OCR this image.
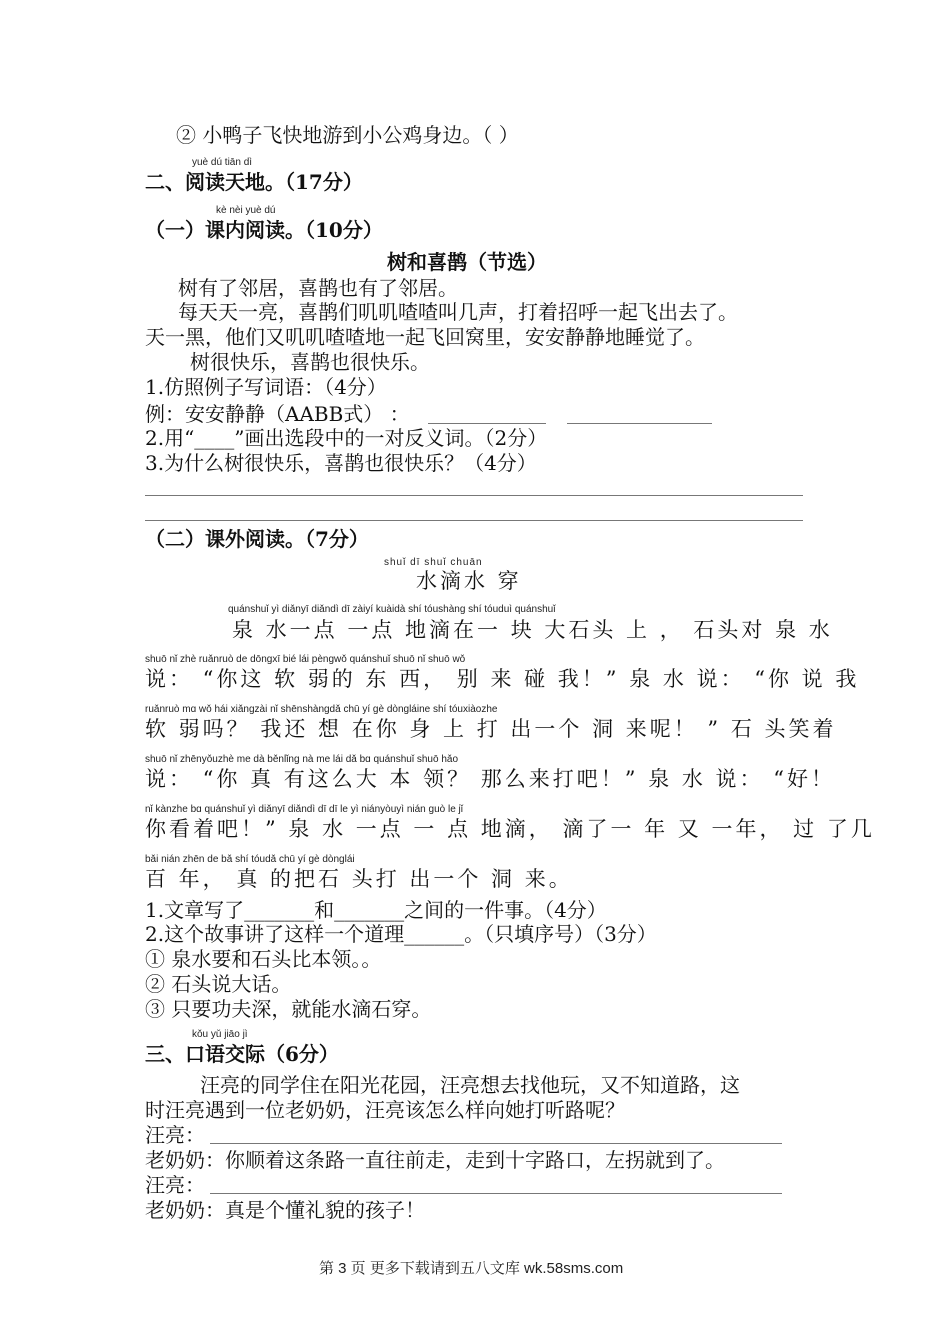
② 小鸭子飞快地游到小公鸡身边。（ ）
yuè dú tiān dì
二、阅读天地。（17分）
kè nèi yuè dú
（一）课内阅读。（10分）
树和喜鹊（节选）
树有了邻居，喜鹊也有了邻居。
每天天一亮，喜鹊们叽叽喳喳叫几声，打着招呼一起飞出去了。
天一黑，他们又叽叽喳喳地一起飞回窝里，安安静静地睡觉了。
树很快乐，喜鹊也很快乐。
1.仿照例子写词语：（4分）
例：安安静静（AABB式） ：
2.用“____”画出选段中的一对反义词。（2分）
3.为什么树很快乐，喜鹊也很快乐？（4分）
（二）课外阅读。（7分）
shuǐ dī shuǐ chuān
水滴水 穿
quánshuǐ yì diǎnyī diǎndì dī zàiyí kuàidà shí tóushàng shí tóuduì quánshuǐ
泉 水一点 一点 地滴在一 块 大石头 上 ， 石头对 泉 水
shuō nǐ zhè ruǎnruò de dōngxī bié lái pèngwǒ quánshuǐ shuō nǐ shuō wǒ
说： “你这 软 弱的 东 西， 别 来 碰 我！” 泉 水 说： “你 说 我
ruǎnruò mɑ wǒ hái xiǎngzài nǐ shēnshàngdǎ chū yí gè dòngláine shí tóuxiàozhe
软 弱吗？ 我还 想 在你 身 上 打 出一个 洞 来呢！ ” 石 头笑着
shuō nǐ zhēnyǒuzhè me dà běnlǐng nà me lái dǎ bɑ quánshuǐ shuō hǎo
说： “你 真 有这么大 本 领？ 那么来打吧！” 泉 水 说： “好！
nǐ kànzhe bɑ quánshuǐ yì diǎnyī diǎndì dī dī le yì niányòuyì nián ɡuò le jǐ
你看着吧！” 泉 水 一点 一 点 地滴， 滴了一 年 又 一年， 过 了几
bǎi nián zhēn de bǎ shí tóudǎ chū yí gè dònglái
百 年， 真 的把石 头打 出一个 洞 来。
1.文章写了_______和_______之间的一件事。（4分）
2.这个故事讲了这样一个道理______。（只填序号）（3分）
① 泉水要和石头比本领。。
② 石头说大话。
③ 只要功夫深，就能水滴石穿。
kǒu yǔ jiāo jì
三、口语交际（6分）
汪亮的同学住在阳光花园，汪亮想去找他玩，又不知道路，这
时汪亮遇到一位老奶奶，汪亮该怎么样向她打听路呢？
汪亮：
老奶奶：你顺着这条路一直往前走，走到十字路口，左拐就到了。
汪亮：
老奶奶：真是个懂礼貌的孩子！
第 3 页 更多下载请到五八文库 wk.58sms.com
